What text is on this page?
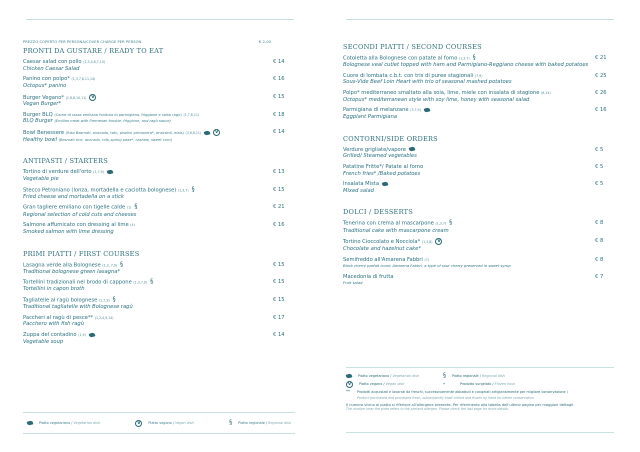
PREZZO COPERTO PER PERSONA/COVER CHARGE PER PERSON	€ 2,00
PRONTI DA GUSTARE / READY TO EAT
Caesar salad con pollo (1,3,4,6,7,10)
Chicken Caesar Salad
€ 14
Panino con polpo* (1,3,7,8,11,14)
Octopus* panino
€ 16
Burger Vegano* (1,6,8,10,11) V
Vegan Burger*
€ 15
Burger BLQ (Carne di razza emiliana fonduta di parmigiano, friggione e salsa ragù) (1,7,8,11)
BLQ Burger (Emilian meat with Parmesan fondue, friggione, and ragù sauce)
€ 18
Bowl Benessere (Riso Basmati, avocado, tofu, piselini primavera*, anacardi, mais) (3,6,8,11)	V
Healthy bowl (Basmati rice, avocado, tofu,spring peas*, cashew, sweet corn)
€ 14
ANTIPASTI / STARTERS
Tortino di verdure dell'orto (1,7,9)
Vegetable pie
€ 13
Stecco Petroniano (lonza, mortadella e caciotta bolognese) (1,3,7) §
Fried cheese and mortadella on a stick
€ 15
Gran tagliere emiliano con tigelle calde (1) §
Regional selection of cold cuts and cheeses
€ 21
Salmone affumicato con dressing al lime (4)
Smoked salmon with lime dressing
€ 16
PRIMI PIATTI / FIRST COURSES
Lasagna verde alla Bolognese (1,3, 7,9) §
Traditional bolognese green lasagna*
€ 15
Tortellini tradizionali nel brodo di cappone (1,3,7,9) §
Tortellini in capon broth
€ 15
Tagliatelle al ragù bolognese (1,7,9) §
Traditional tagliatelle with Bolognese ragù
€ 15
Paccheri al ragù di pesce** (1,2,4,9,14)
Pacchero with fish ragù
€ 17
Zuppa del contadino (1,9)
Vegetable soup
€ 14
Piatto vegetariano / Vegetarian dish	V	Piatto vegano / Vegan dish	§ Piatto regionale / Regional dish
SECONDI PIATTI / SECOND COURSES
Cotoletta alla Bolognese con patate al forno (1,3,7) §
Bolognese veal cutlet topped with ham and Parmigiano-Reggiano cheese with baked potatoes
€ 21
Cuore di lombata c.b.t. con tris di puree stagionali (7,9)
Sous-Vide Beef Loin Heart with trio of seasonal mashed potatoes
€ 25
Polpo* mediterraneo smaltato alla soia, lime, miele con insalata di stagione (6,14)
Octopus* mediterranean style with soy lime, honey with seasonal salad
€ 26
Parmigiana di melanzane (3,7,9)
Eggplant Parmigiana
€ 16
CONTORNI/SIDE ORDERS
Verdure grigliate/vapore
Grilled/ Steamed vegetables
€ 5
Patatine Fritte*/ Patate al forno
French fries* /Baked potatoes
€ 5
Insalata Mista
Mixed salad
€ 5
DOLCI / DESSERTS
Tenerina con crema al mascarpone (1,3,7) §
Traditional cake with mascarpone cream
€ 8
Tortino Cioccolato e Nocciola* (1,3,8) V
Chocolate and hazelnut cake*
€ 8
Semifreddo all'Amarena Fabbri (7)
Black cherry parfait iconic Amarena Fabbri, a type of sour cherry preserved in sweet syrup
€ 8
Macedonia di frutta
Fruit salad
€ 7
Piatto vegetariano / Vegetarian dish	§ Piatto regionale / Regional dish
V	Piatto vegano / Vegan dish	*	Prodotto surgelato / Frozen food
**	Prodotti acquistati e lavorati da freschi, successivamente abbattuti e congelati artigianalmente per migliore conservazione /
Product purchased and processed fresh, subsequently blast chilled and frozen by hand for better conservation
Il numero vicino al piatto si riferisce all'allergene presente. Per riferimento alla tabella dell'ultimo pagina per maggiori dettagli.
The number near the plate refers to the present allergen. Please check the last page for more details.
